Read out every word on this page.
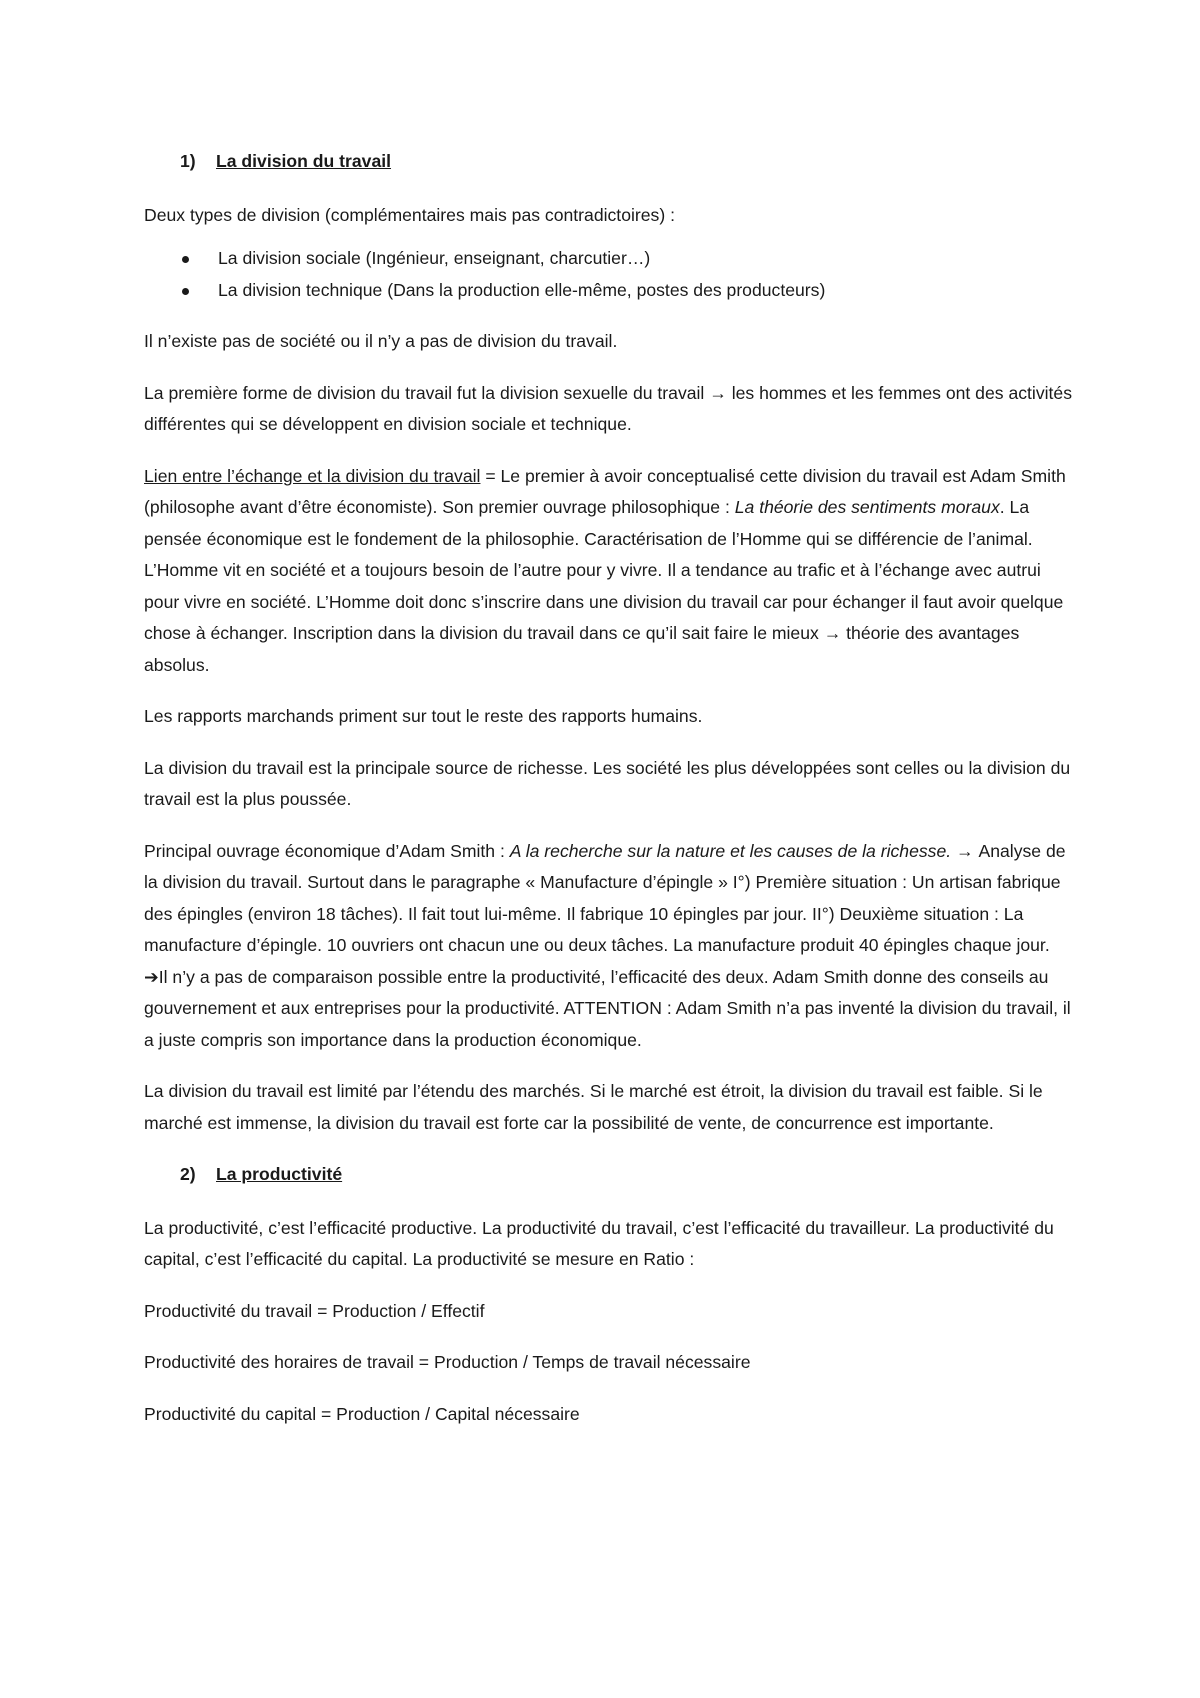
1)	La division du travail

Deux types de division (complémentaires mais pas contradictoires) :

La division sociale (Ingénieur, enseignant, charcutier…)
La division technique (Dans la production elle-même, postes des producteurs)

Il n’existe pas de société ou il n’y a pas de division du travail.

La première forme de division du travail fut la division sexuelle du travail → les hommes et les femmes ont des activités différentes qui se développent en division sociale et technique.

Lien entre l’échange et la division du travail = Le premier à avoir conceptualisé cette division du travail est Adam Smith (philosophe avant d’être économiste). Son premier ouvrage philosophique : La théorie des sentiments moraux. La pensée économique est le fondement de la philosophie. Caractérisation de l’Homme qui se différencie de l’animal. L’Homme vit en société et a toujours besoin de l’autre pour y vivre. Il a tendance au trafic et à l’échange avec autrui pour vivre en société. L’Homme doit donc s’inscrire dans une division du travail car pour échanger il faut avoir quelque chose à échanger. Inscription dans la division du travail dans ce qu’il sait faire le mieux → théorie des avantages absolus.

Les rapports marchands priment sur tout le reste des rapports humains.

La division du travail est la principale source de richesse. Les société les plus développées sont celles ou la division du travail est la plus poussée.

Principal ouvrage économique d’Adam Smith : A la recherche sur la nature et les causes de la richesse. → Analyse de la division du travail. Surtout dans le paragraphe « Manufacture d’épingle » I°) Première situation : Un artisan fabrique des épingles (environ 18 tâches). Il fait tout lui-même. Il fabrique 10 épingles par jour. II°) Deuxième situation : La manufacture d’épingle. 10 ouvriers ont chacun une ou deux tâches. La manufacture produit 40 épingles chaque jour. ➔Il n’y a pas de comparaison possible entre la productivité, l’efficacité des deux. Adam Smith donne des conseils au gouvernement et aux entreprises pour la productivité. ATTENTION : Adam Smith n’a pas inventé la division du travail, il a juste compris son importance dans la production économique.

La division du travail est limité par l’étendu des marchés. Si le marché est étroit, la division du travail est faible. Si le marché est immense, la division du travail est forte car la possibilité de vente, de concurrence est importante.

2)	La productivité

La productivité, c’est l’efficacité productive. La productivité du travail, c’est l’efficacité du travailleur. La productivité du capital, c’est l’efficacité du capital. La productivité se mesure en Ratio :

Productivité du travail = Production / Effectif

Productivité des horaires de travail = Production / Temps de travail nécessaire

Productivité du capital = Production / Capital nécessaire
